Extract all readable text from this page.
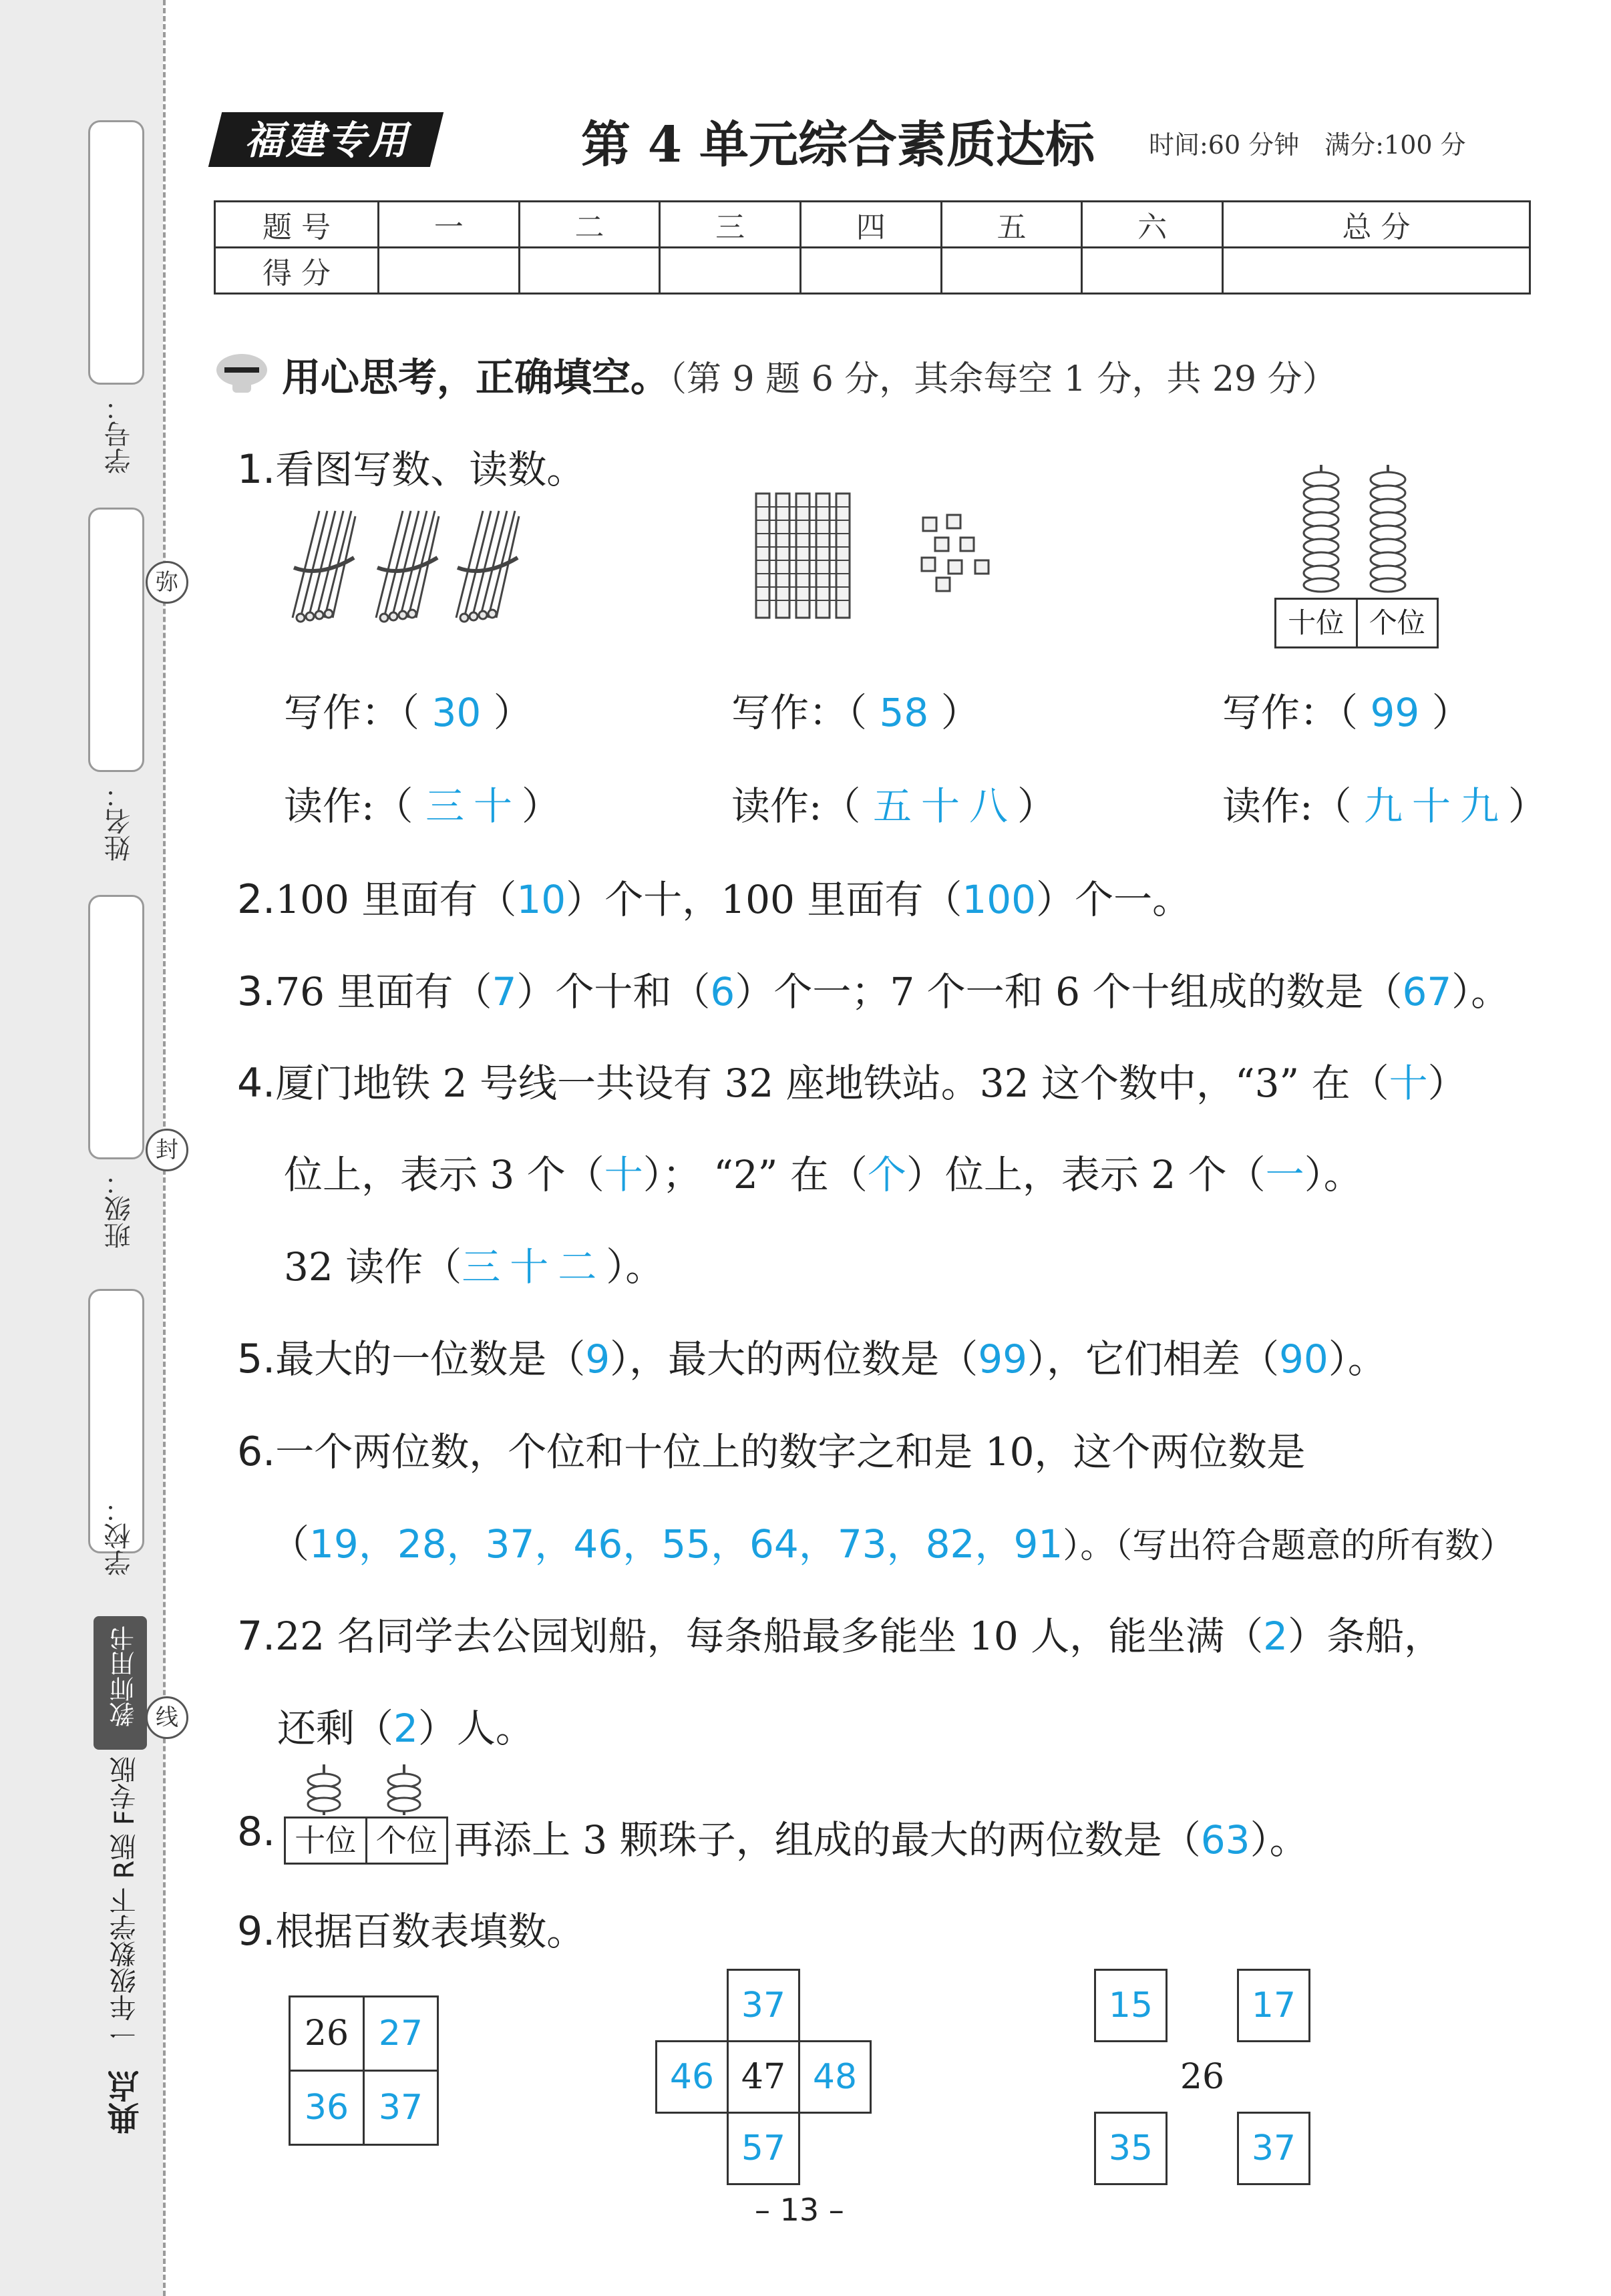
学号：
姓名：
班级：
学校：
弥
封
线
教师用书
一年级数学下 R版 F专版
典点
福建专用	第 4 单元综合素质达标 时间:60 分钟　满分:100 分
题 号	一	二	三	四	五	六	总 分
得 分							
用心思考，正确填空。（第 9 题 6 分，其余每空 1 分，共 29 分）
1.看图写数、读数。
十位 个位
写作：（ 30 ）	写作：（ 58 ）	写作：（ 99 ）
读作:（ 三十）	读作:（ 五十八）	读作:（ 九十九）
2.100 里面有（10）个十，100 里面有（100）个一。
3.76 里面有（7）个十和（6）个一；7 个一和 6 个十组成的数是（67）。
4.厦门地铁 2 号线一共设有 32 座地铁站。32 这个数中，“3” 在（十）
位上，表示 3 个（十）； “2” 在（个）位上，表示 2 个（一）。
32 读作（三十二）。
5.最大的一位数是（9），最大的两位数是（99），它们相差（90）。
6.一个两位数，个位和十位上的数字之和是 10，这个两位数是
（19，28，37，46，55，64，73，82，91）。（写出符合题意的所有数）
7.22 名同学去公园划船，每条船最多能坐 10 人，能坐满（2）条船，
还剩（2）人。
8. 十位 个位 再添上 3 颗珠子，组成的最大的两位数是（63）。
9.根据百数表填数。
26	27
36	37
37
46 47 48
57
15	17
26
35	37
– 13 –
